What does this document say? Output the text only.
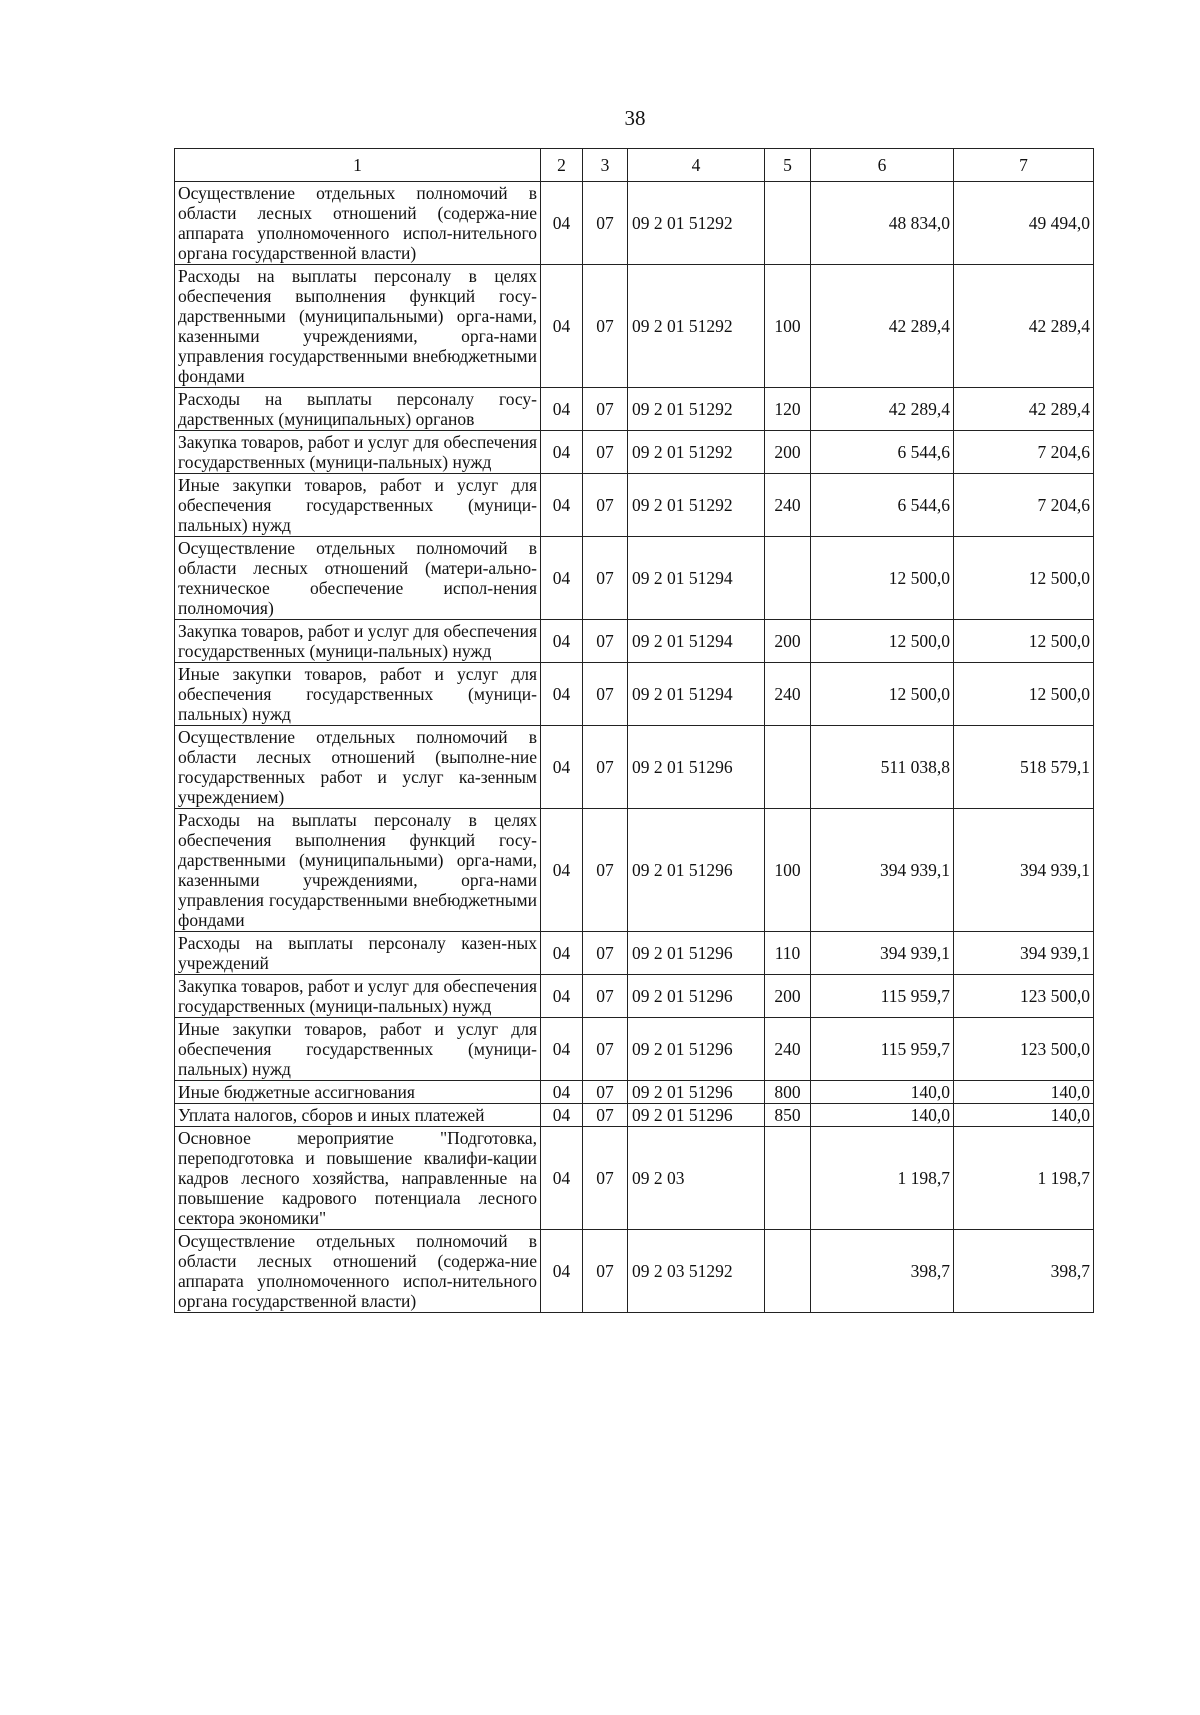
38
1	2	3	4	5	6	7
Осуществление отдельных полномочий в области лесных отношений (содержа-ние аппарата уполномоченного испол-нительного органа государственной власти)	04	07	09 2 01 51292		48 834,0	49 494,0
Расходы на выплаты персоналу в целях обеспечения выполнения функций госу-дарственными (муниципальными) орга-нами, казенными учреждениями, орга-нами управления государственными внебюджетными фондами	04	07	09 2 01 51292	100	42 289,4	42 289,4
Расходы на выплаты персоналу госу-дарственных (муниципальных) органов	04	07	09 2 01 51292	120	42 289,4	42 289,4
Закупка товаров, работ и услуг для обеспечения государственных (муници-пальных) нужд	04	07	09 2 01 51292	200	6 544,6	7 204,6
Иные закупки товаров, работ и услуг для обеспечения государственных (муници-пальных) нужд	04	07	09 2 01 51292	240	6 544,6	7 204,6
Осуществление отдельных полномочий в области лесных отношений (матери-ально-техническое обеспечение испол-нения полномочия)	04	07	09 2 01 51294		12 500,0	12 500,0
Закупка товаров, работ и услуг для обеспечения государственных (муници-пальных) нужд	04	07	09 2 01 51294	200	12 500,0	12 500,0
Иные закупки товаров, работ и услуг для обеспечения государственных (муници-пальных) нужд	04	07	09 2 01 51294	240	12 500,0	12 500,0
Осуществление отдельных полномочий в области лесных отношений (выполне-ние государственных работ и услуг ка-зенным учреждением)	04	07	09 2 01 51296		511 038,8	518 579,1
Расходы на выплаты персоналу в целях обеспечения выполнения функций госу-дарственными (муниципальными) орга-нами, казенными учреждениями, орга-нами управления государственными внебюджетными фондами	04	07	09 2 01 51296	100	394 939,1	394 939,1
Расходы на выплаты персоналу казен-ных учреждений	04	07	09 2 01 51296	110	394 939,1	394 939,1
Закупка товаров, работ и услуг для обеспечения государственных (муници-пальных) нужд	04	07	09 2 01 51296	200	115 959,7	123 500,0
Иные закупки товаров, работ и услуг для обеспечения государственных (муници-пальных) нужд	04	07	09 2 01 51296	240	115 959,7	123 500,0
Иные бюджетные ассигнования	04	07	09 2 01 51296	800	140,0	140,0
Уплата налогов, сборов и иных платежей	04	07	09 2 01 51296	850	140,0	140,0
Основное мероприятие "Подготовка, переподготовка и повышение квалифи-кации кадров лесного хозяйства, направленные на повышение кадрового потенциала лесного сектора экономики"	04	07	09 2 03		1 198,7	1 198,7
Осуществление отдельных полномочий в области лесных отношений (содержа-ние аппарата уполномоченного испол-нительного органа государственной власти)	04	07	09 2 03 51292		398,7	398,7
